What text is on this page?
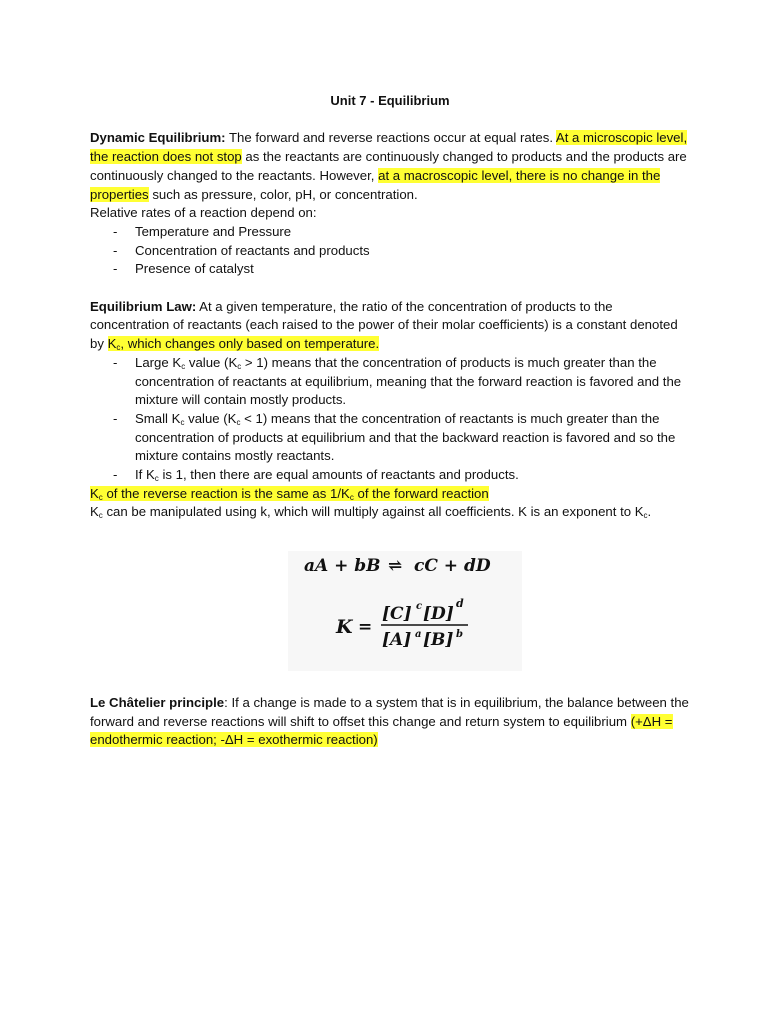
Unit 7 - Equilibrium

Dynamic Equilibrium: The forward and reverse reactions occur at equal rates. At a microscopic level, the reaction does not stop as the reactants are continuously changed to products and the products are continuously changed to the reactants. However, at a macroscopic level, there is no change in the properties such as pressure, color, pH, or concentration.

Relative rates of a reaction depend on:

- Temperature and Pressure
- Concentration of reactants and products
- Presence of catalyst

Equilibrium Law: At a given temperature, the ratio of the concentration of products to the concentration of reactants (each raised to the power of their molar coefficients) is a constant denoted by $K_c$, which changes only based on temperature.

- Large $K_c$ value $(K_c > 1)$ means that the concentration of products is much greater than the concentration of reactants at equilibrium, meaning that the forward reaction is favored and the mixture will contain mostly products.
- Small $K_c$ value $(K_c < 1)$ means that the concentration of reactants is much greater than the concentration of products at equilibrium and that the backward reaction is favored and so the mixture contains mostly reactants.
- If $K_c$ is 1, then there are equal amounts of reactants and products.

$K_c$ of the reverse reaction is the same as $1/K_c$ of the forward reaction

$K_c$ can be manipulated using k, which will multiply against all coefficients. K is an exponent to $K_c$.

aA + bB ⇌ cC + dD
K =
[C] c [D]
d
[A] a [B] b

Le Châtelier principle: If a change is made to a system that is in equilibrium, the balance between the forward and reverse reactions will shift to offset this change and return system to equilibrium (+ΔH = endothermic reaction; -ΔH = exothermic reaction)
